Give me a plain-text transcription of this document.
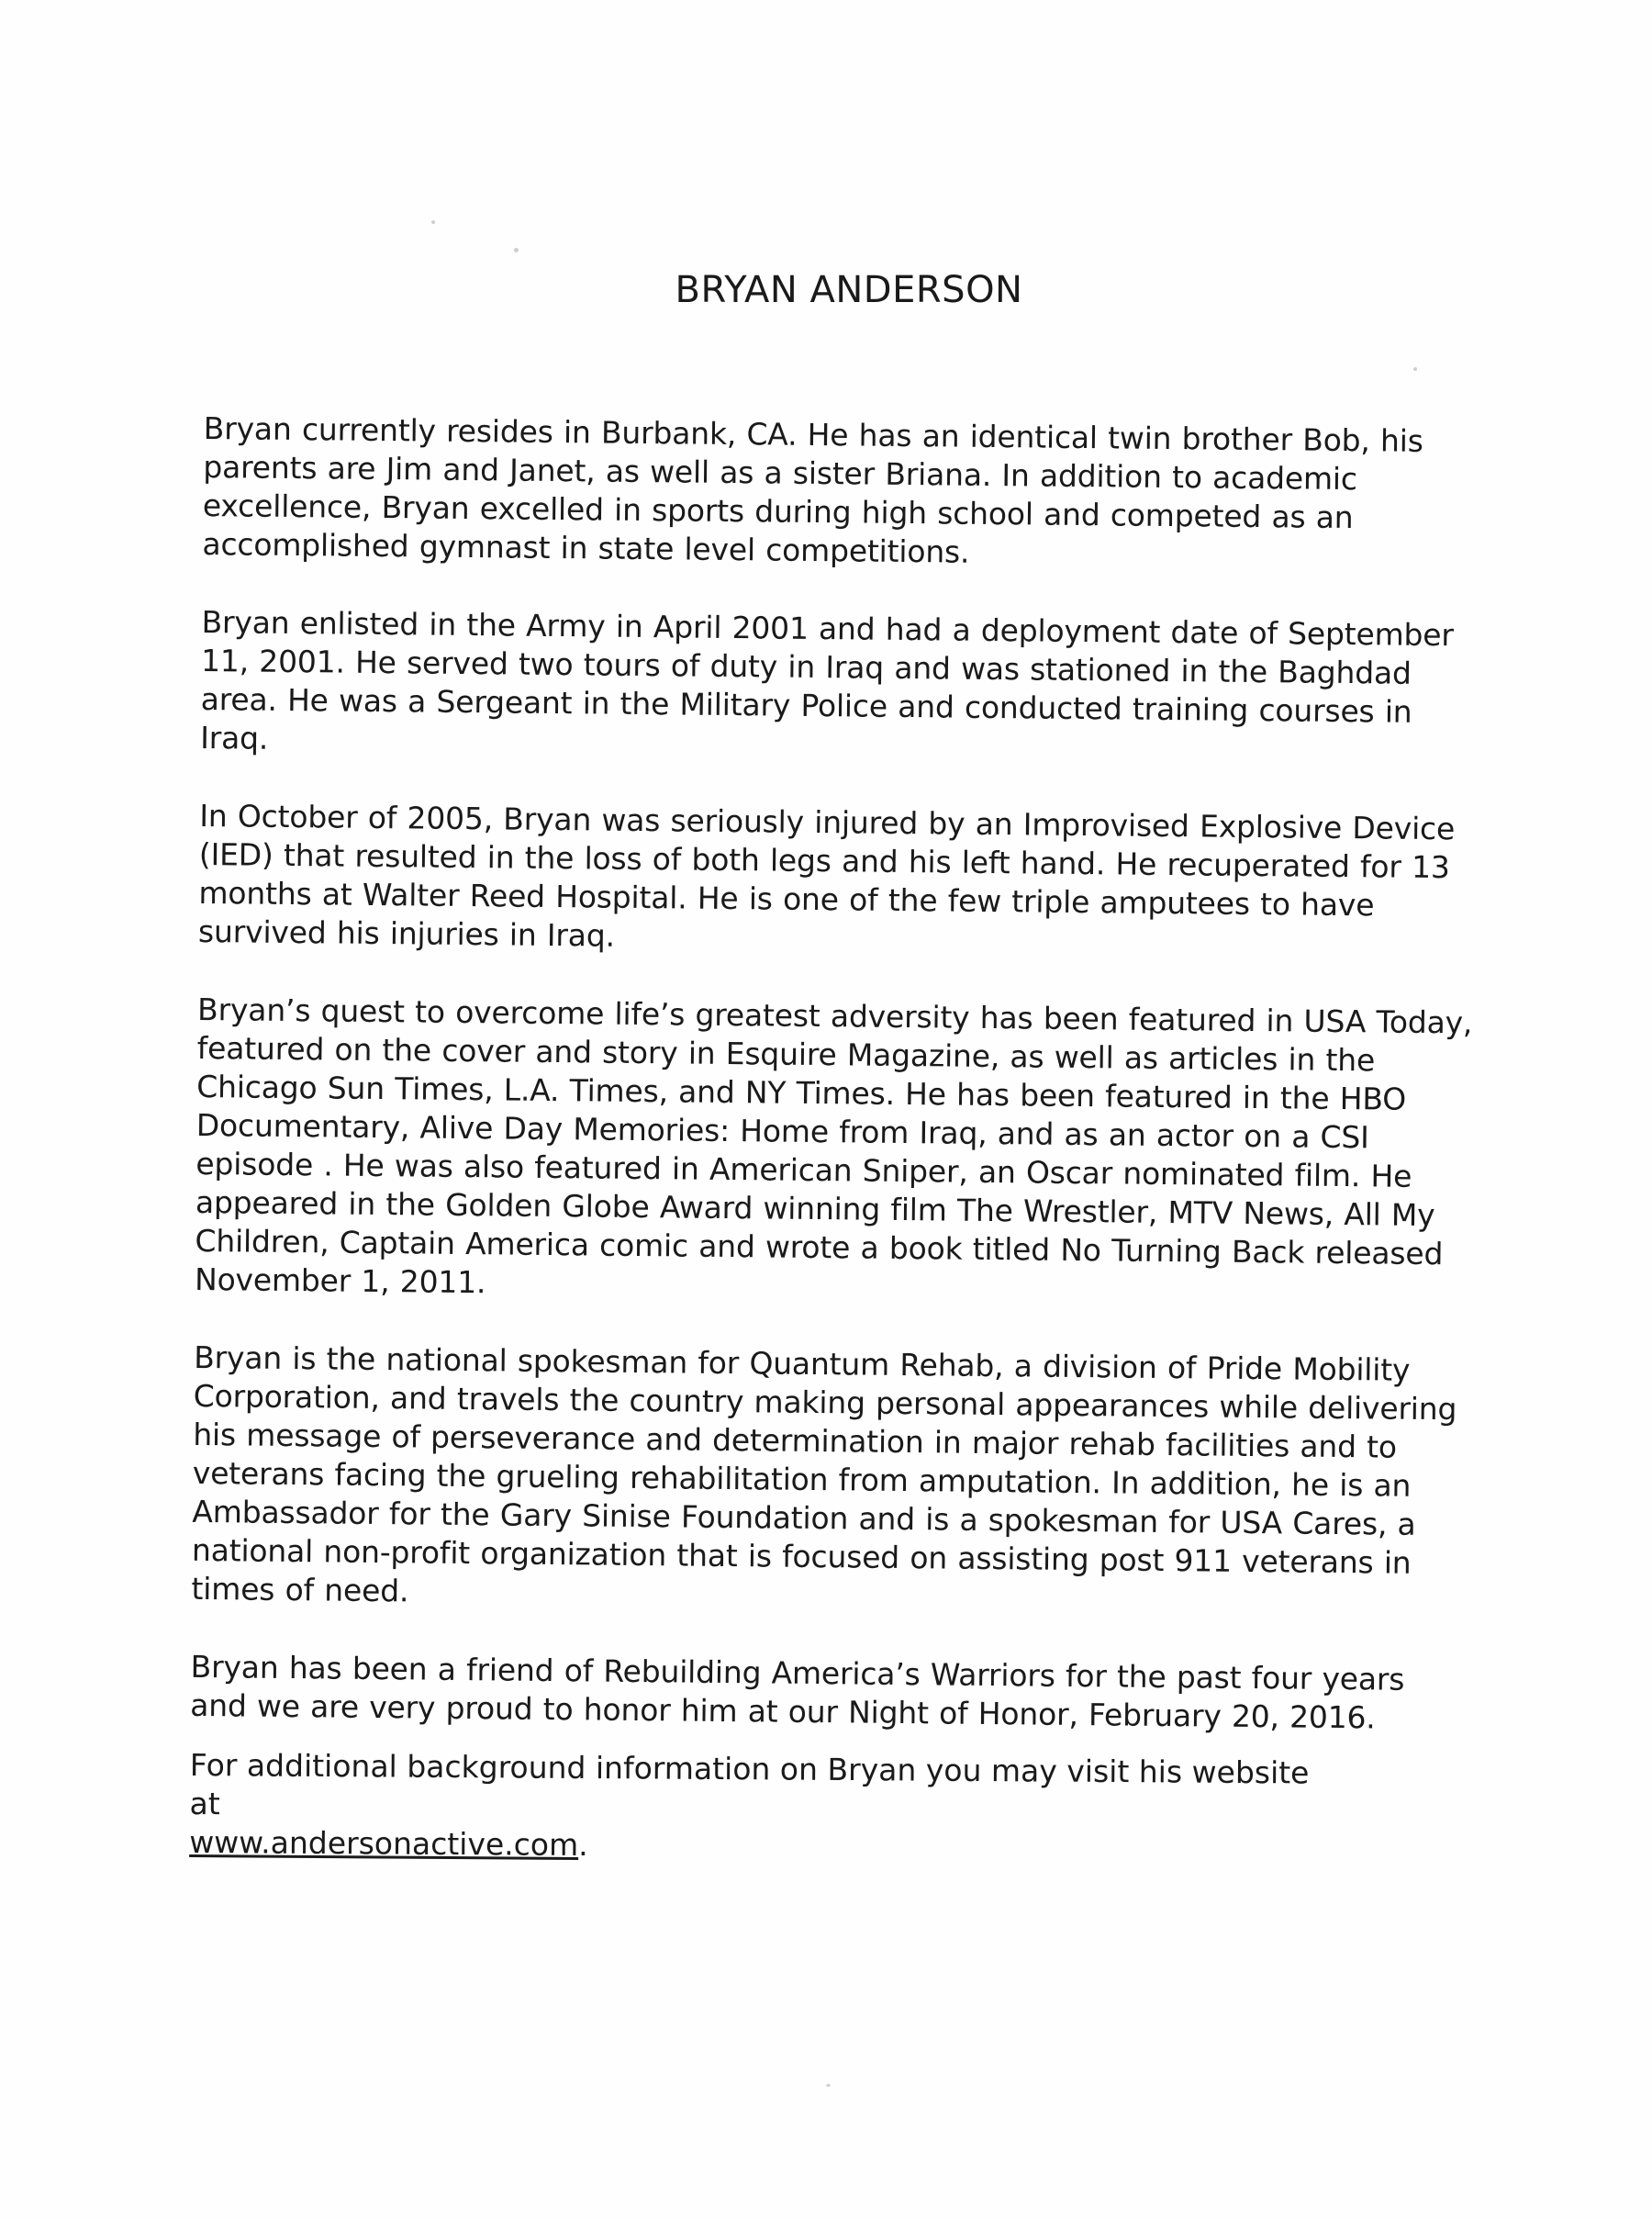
BRYAN ANDERSON

Bryan currently resides in Burbank, CA. He has an identical twin brother Bob, his parents are Jim and Janet, as well as a sister Briana. In addition to academic excellence, Bryan excelled in sports during high school and competed as an accomplished gymnast in state level competitions.

Bryan enlisted in the Army in April 2001 and had a deployment date of September 11, 2001. He served two tours of duty in Iraq and was stationed in the Baghdad area. He was a Sergeant in the Military Police and conducted training courses in Iraq.

In October of 2005, Bryan was seriously injured by an Improvised Explosive Device (IED) that resulted in the loss of both legs and his left hand. He recuperated for 13 months at Walter Reed Hospital. He is one of the few triple amputees to have survived his injuries in Iraq.

Bryan’s quest to overcome life’s greatest adversity has been featured in USA Today, featured on the cover and story in Esquire Magazine, as well as articles in the Chicago Sun Times, L.A. Times, and NY Times. He has been featured in the HBO Documentary, Alive Day Memories: Home from Iraq, and as an actor on a CSI episode . He was also featured in American Sniper, an Oscar nominated film. He appeared in the Golden Globe Award winning film The Wrestler, MTV News, All My Children, Captain America comic and wrote a book titled No Turning Back released November 1, 2011.

Bryan is the national spokesman for Quantum Rehab, a division of Pride Mobility Corporation, and travels the country making personal appearances while delivering his message of perseverance and determination in major rehab facilities and to veterans facing the grueling rehabilitation from amputation. In addition, he is an Ambassador for the Gary Sinise Foundation and is a spokesman for USA Cares, a national non-profit organization that is focused on assisting post 911 veterans in times of need.

Bryan has been a friend of Rebuilding America’s Warriors for the past four years and we are very proud to honor him at our Night of Honor, February 20, 2016.

For additional background information on Bryan you may visit his website at
www.andersonactive.com.
